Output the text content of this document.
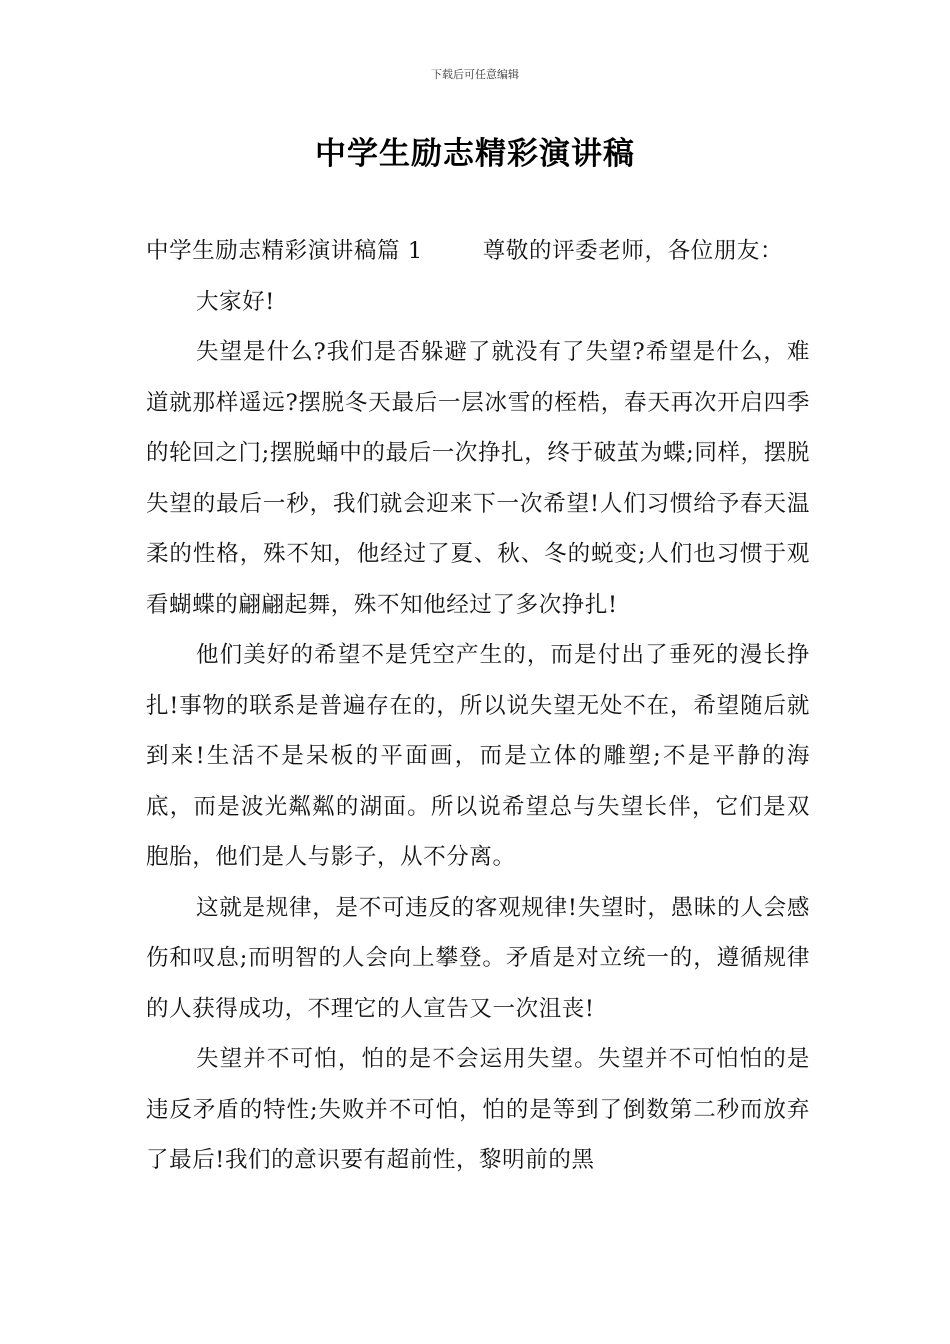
下载后可任意编辑
中学生励志精彩演讲稿

中学生励志精彩演讲稿篇 1	尊敬的评委老师，各位朋友：

大家好!

失望是什么?我们是否躲避了就没有了失望?希望是什么，难道就那样遥远?摆脱冬天最后一层冰雪的桎梏，春天再次开启四季的轮回之门;摆脱蛹中的最后一次挣扎，终于破茧为蝶;同样，摆脱失望的最后一秒，我们就会迎来下一次希望!人们习惯给予春天温柔的性格，殊不知，他经过了夏、秋、冬的蜕变;人们也习惯于观看蝴蝶的翩翩起舞，殊不知他经过了多次挣扎!

他们美好的希望不是凭空产生的，而是付出了垂死的漫长挣扎!事物的联系是普遍存在的，所以说失望无处不在，希望随后就到来!生活不是呆板的平面画，而是立体的雕塑;不是平静的海底，而是波光粼粼的湖面。所以说希望总与失望长伴，它们是双胞胎，他们是人与影子，从不分离。

这就是规律，是不可违反的客观规律!失望时，愚昧的人会感伤和叹息;而明智的人会向上攀登。矛盾是对立统一的，遵循规律的人获得成功，不理它的人宣告又一次沮丧!

失望并不可怕，怕的是不会运用失望。失望并不可怕怕的是违反矛盾的特性;失败并不可怕，怕的是等到了倒数第二秒而放弃了最后!我们的意识要有超前性，黎明前的黑
